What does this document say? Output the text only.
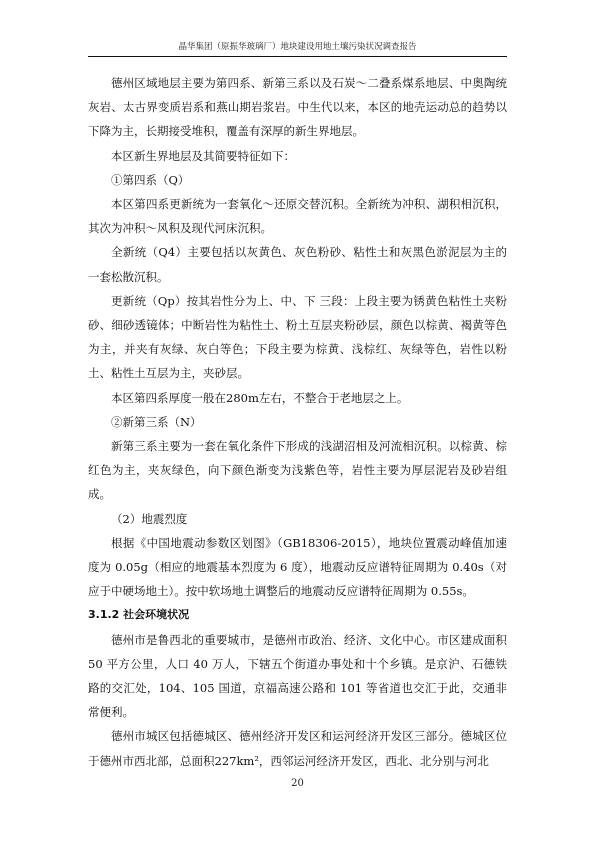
晶华集团（原振华玻璃厂）地块建设用地土壤污染状况调查报告

德州区域地层主要为第四系、新第三系以及石炭～二叠系煤系地层、中奥陶统灰岩、太古界变质岩系和燕山期岩浆岩。中生代以来，本区的地壳运动总的趋势以下降为主，长期接受堆积，覆盖有深厚的新生界地层。

本区新生界地层及其简要特征如下：

①第四系（Q）

本区第四系更新统为一套氧化～还原交替沉积。全新统为冲积、湖积相沉积，其次为冲积～风积及现代河床沉积。

全新统（Q4）主要包括以灰黄色、灰色粉砂、粘性土和灰黑色淤泥层为主的一套松散沉积。

更新统（Qp）按其岩性分为上、中、下 三段：上段主要为锈黄色粘性土夹粉砂、细砂透镜体；中断岩性为粘性土、粉土互层夹粉砂层，颜色以棕黄、褐黄等色为主，并夹有灰绿、灰白等色；下段主要为棕黄、浅棕红、灰绿等色，岩性以粉土、粘性土互层为主，夹砂层。

本区第四系厚度一般在280m左右，不整合于老地层之上。

②新第三系（N）

新第三系主要为一套在氧化条件下形成的浅湖沼相及河流相沉积。以棕黄、棕红色为主，夹灰绿色，向下颜色渐变为浅紫色等，岩性主要为厚层泥岩及砂岩组成。

（2）地震烈度

根据《中国地震动参数区划图》（GB18306-2015），地块位置震动峰值加速度为 0.05g（相应的地震基本烈度为 6 度），地震动反应谱特征周期为 0.40s（对应于中硬场地土）。按中软场地土调整后的地震动反应谱特征周期为 0.55s。

3.1.2 社会环境状况

德州市是鲁西北的重要城市，是德州市政治、经济、文化中心。市区建成面积 50 平方公里，人口 40 万人，下辖五个街道办事处和十个乡镇。是京沪、石德铁路的交汇处，104、105 国道，京福高速公路和 101 等省道也交汇于此，交通非常便利。

德州市城区包括德城区、德州经济开发区和运河经济开发区三部分。德城区位于德州市西北部，总面积227km²，西邻运河经济开发区，西北、北分别与河北

20
